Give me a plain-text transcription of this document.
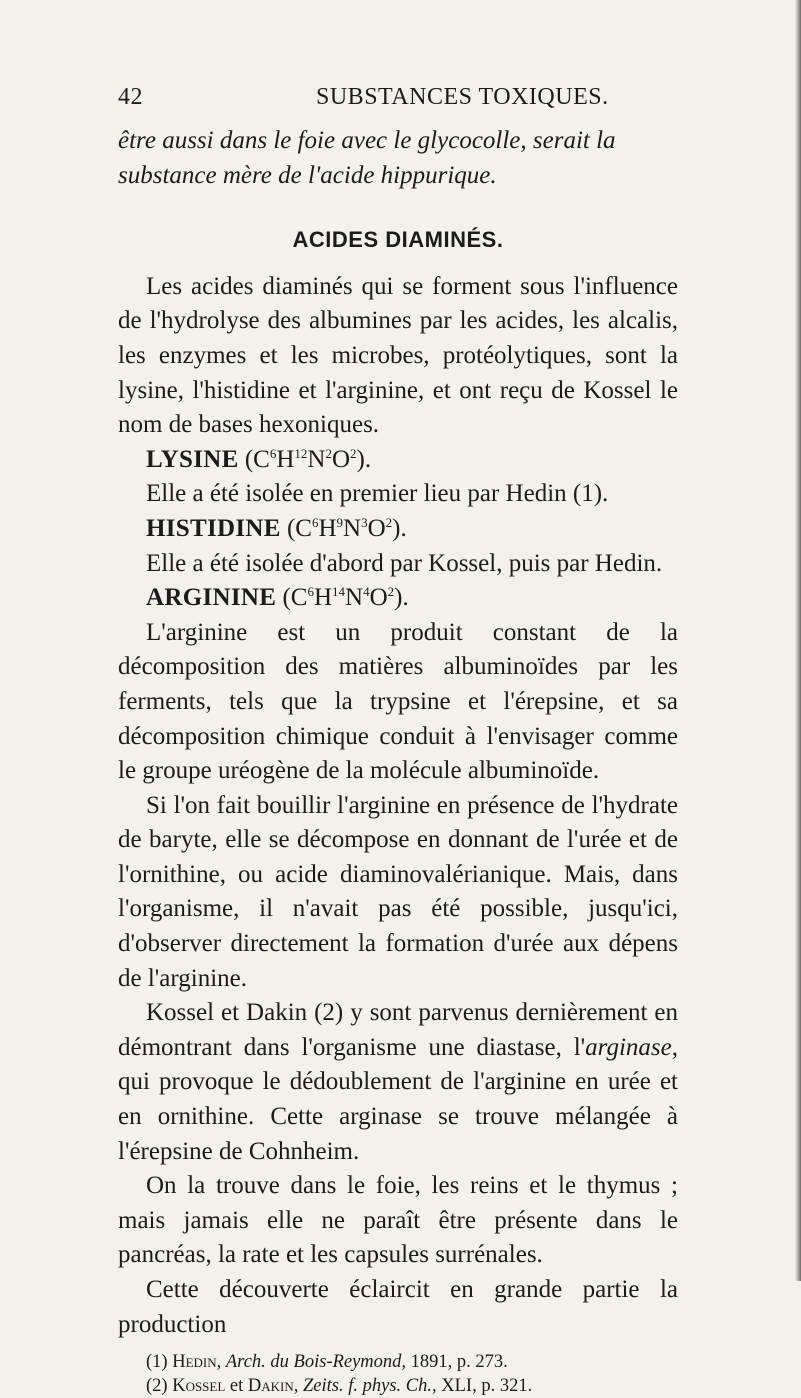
42	SUBSTANCES TOXIQUES.

être aussi dans le foie avec le glycocolle, serait la substance mère de l'acide hippurique.

ACIDES DIAMINÉS.

Les acides diaminés qui se forment sous l'influence de l'hydrolyse des albumines par les acides, les alcalis, les enzymes et les microbes, protéolytiques, sont la lysine, l'histidine et l'arginine, et ont reçu de Kossel le nom de bases hexoniques.

LYSINE $(C^6H^{12}N^2O^2)$.

Elle a été isolée en premier lieu par Hedin (1).

HISTIDINE $(C^6H^9N^3O^2)$.

Elle a été isolée d'abord par Kossel, puis par Hedin.

ARGININE $(C^6H^{14}N^4O^2)$.

L'arginine est un produit constant de la décomposition des matières albuminoïdes par les ferments, tels que la trypsine et l'érepsine, et sa décomposition chimique conduit à l'envisager comme le groupe uréogène de la molécule albuminoïde.

Si l'on fait bouillir l'arginine en présence de l'hydrate de baryte, elle se décompose en donnant de l'urée et de l'ornithine, ou acide diaminovalérianique. Mais, dans l'organisme, il n'avait pas été possible, jusqu'ici, d'observer directement la formation d'urée aux dépens de l'arginine.

Kossel et Dakin (2) y sont parvenus dernièrement en démontrant dans l'organisme une diastase, l'arginase, qui provoque le dédoublement de l'arginine en urée et en ornithine. Cette arginase se trouve mélangée à l'érepsine de Cohnheim.

On la trouve dans le foie, les reins et le thymus ; mais jamais elle ne paraît être présente dans le pancréas, la rate et les capsules surrénales.

Cette découverte éclaircit en grande partie la production

(1) Hedin, Arch. du Bois-Reymond, 1891, p. 273.
(2) Kossel et Dakin, Zeits. f. phys. Ch., XLI, p. 321.
